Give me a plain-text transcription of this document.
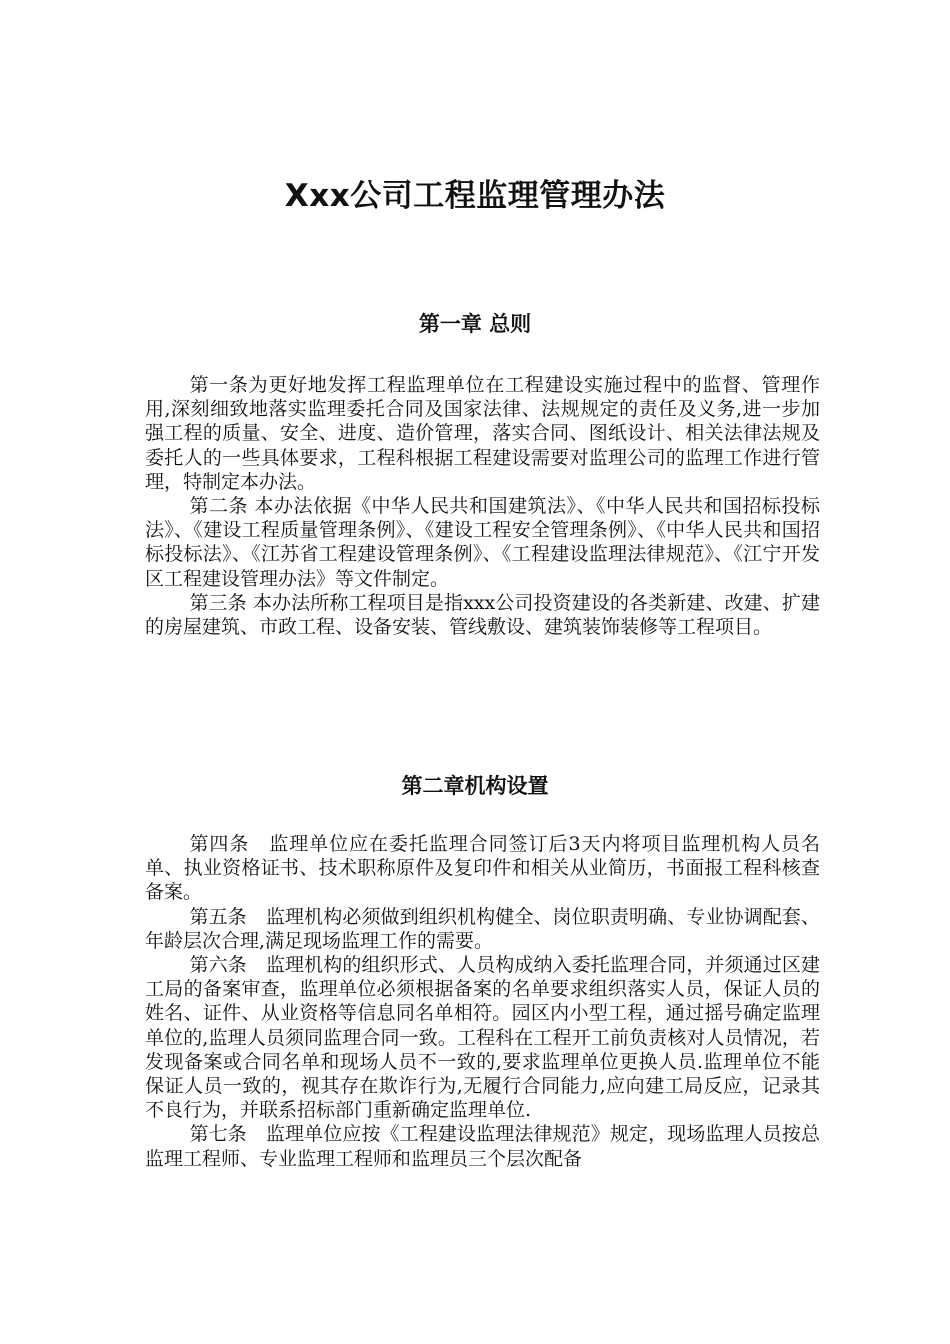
Xxx公司工程监理管理办法
第一章 总则

第一条为更好地发挥工程监理单位在工程建设实施过程中的监督、管理作用,深刻细致地落实监理委托合同及国家法律、法规规定的责任及义务,进一步加强工程的质量、安全、进度、造价管理，落实合同、图纸设计、相关法律法规及委托人的一些具体要求，工程科根据工程建设需要对监理公司的监理工作进行管理，特制定本办法。

第二条 本办法依据《中华人民共和国建筑法》、《中华人民共和国招标投标法》、《建设工程质量管理条例》、《建设工程安全管理条例》、《中华人民共和国招标投标法》、《江苏省工程建设管理条例》、《工程建设监理法律规范》、《江宁开发区工程建设管理办法》等文件制定。

第三条 本办法所称工程项目是指xxx公司投资建设的各类新建、改建、扩建的房屋建筑、市政工程、设备安装、管线敷设、建筑装饰装修等工程项目。

第二章机构设置

第四条　监理单位应在委托监理合同签订后3天内将项目监理机构人员名单、执业资格证书、技术职称原件及复印件和相关从业简历，书面报工程科核查备案。

第五条　监理机构必须做到组织机构健全、岗位职责明确、专业协调配套、年龄层次合理,满足现场监理工作的需要。

第六条　监理机构的组织形式、人员构成纳入委托监理合同，并须通过区建工局的备案审查，监理单位必须根据备案的名单要求组织落实人员，保证人员的姓名、证件、从业资格等信息同名单相符。园区内小型工程，通过摇号确定监理单位的,监理人员须同监理合同一致。工程科在工程开工前负责核对人员情况，若发现备案或合同名单和现场人员不一致的,要求监理单位更换人员.监理单位不能保证人员一致的，视其存在欺诈行为,无履行合同能力,应向建工局反应，记录其不良行为，并联系招标部门重新确定监理单位.

第七条　监理单位应按《工程建设监理法律规范》规定，现场监理人员按总监理工程师、专业监理工程师和监理员三个层次配备
